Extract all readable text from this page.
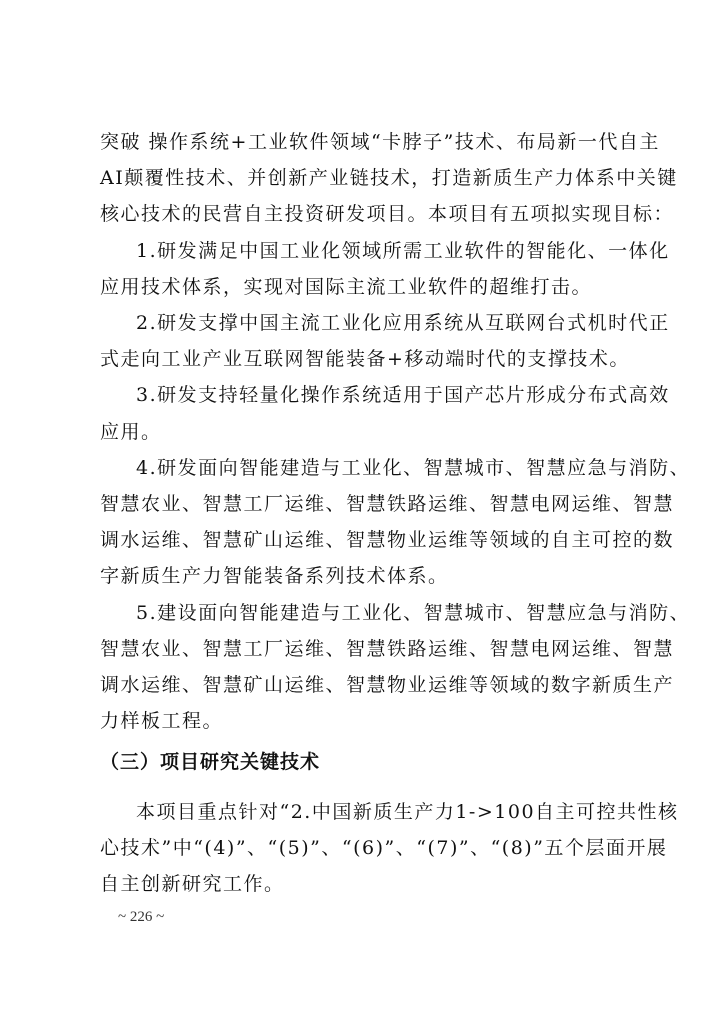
突破 操作系统+工业软件领域“卡脖子”技术、布局新一代自主
AI颠覆性技术、并创新产业链技术，打造新质生产力体系中关键
核心技术的民营自主投资研发项目。本项目有五项拟实现目标：
1.研发满足中国工业化领域所需工业软件的智能化、一体化
应用技术体系，实现对国际主流工业软件的超维打击。
2.研发支撑中国主流工业化应用系统从互联网台式机时代正
式走向工业产业互联网智能装备+移动端时代的支撑技术。
3.研发支持轻量化操作系统适用于国产芯片形成分布式高效
应用。
4.研发面向智能建造与工业化、智慧城市、智慧应急与消防、
智慧农业、智慧工厂运维、智慧铁路运维、智慧电网运维、智慧
调水运维、智慧矿山运维、智慧物业运维等领域的自主可控的数
字新质生产力智能装备系列技术体系。
5.建设面向智能建造与工业化、智慧城市、智慧应急与消防、
智慧农业、智慧工厂运维、智慧铁路运维、智慧电网运维、智慧
调水运维、智慧矿山运维、智慧物业运维等领域的数字新质生产
力样板工程。
（三）项目研究关键技术
本项目重点针对“2.中国新质生产力1->100自主可控共性核
心技术”中“(4)”、“(5)”、“(6)”、“(7)”、“(8)”五个层面开展
自主创新研究工作。
~ 226 ~
